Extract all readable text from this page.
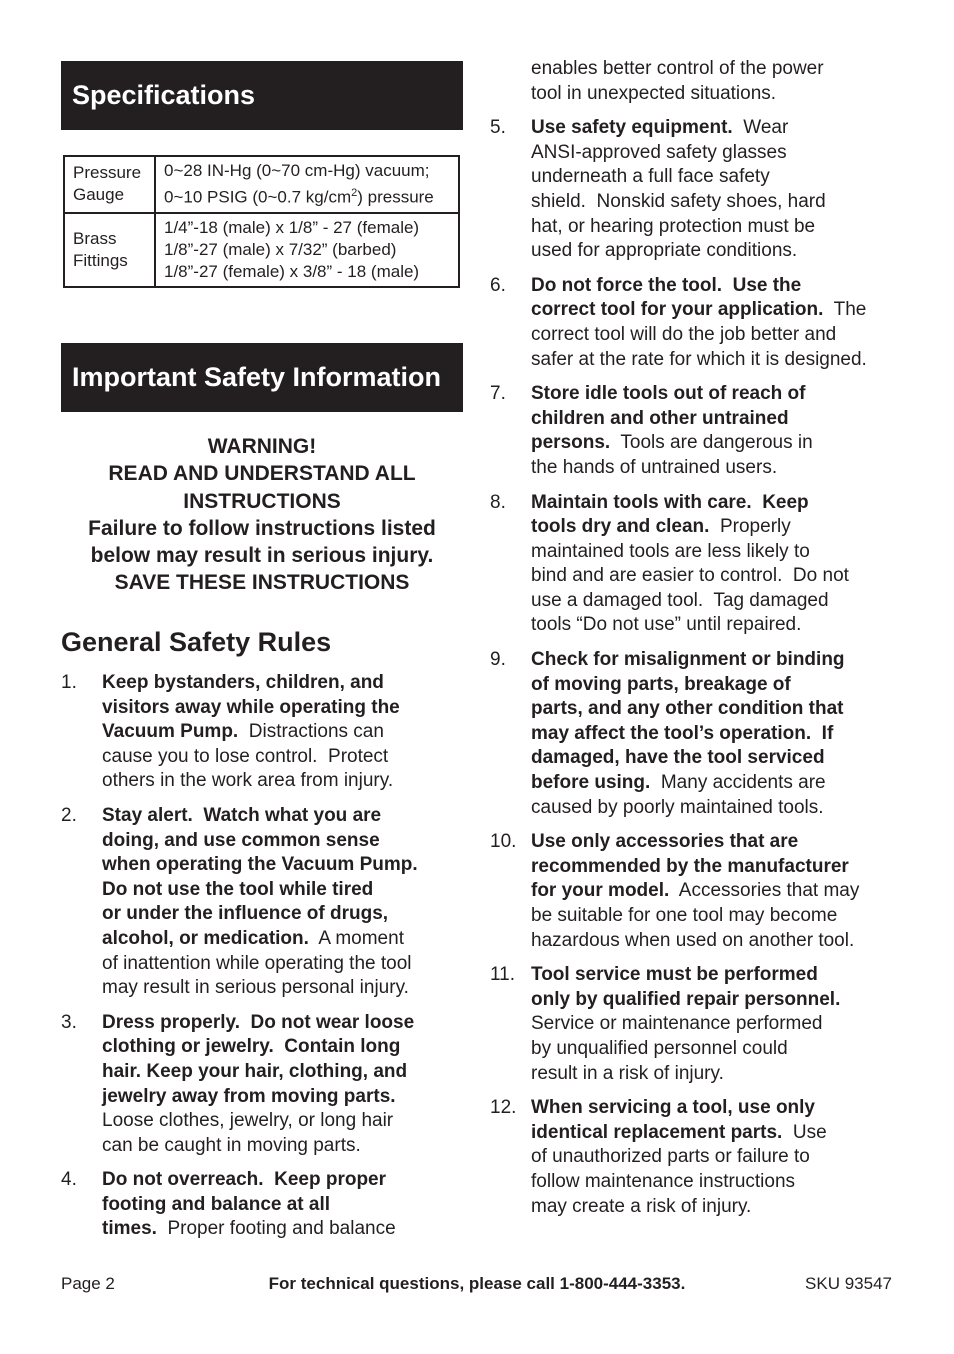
Specifications
Pressure
Gauge	0~28 IN-Hg (0~70 cm-Hg) vacuum;
0~10 PSIG (0~0.7 $kg/cm^2$) pressure

Brass
Fittings	1/4”-18 (male) x 1/8” - 27 (female)
1/8”-27 (male) x 7/32” (barbed)
1/8”-27 (female) x 3/8” - 18 (male)
Important Safety Information
WARNING!
READ AND UNDERSTAND ALL
INSTRUCTIONS
Failure to follow instructions listed
below may result in serious injury.
SAVE THESE INSTRUCTIONS
General Safety Rules
1. Keep bystanders, children, and
visitors away while operating the
Vacuum Pump.  Distractions can
cause you to lose control.  Protect
others in the work area from injury.
2. Stay alert.  Watch what you are
doing, and use common sense
when operating the Vacuum Pump.
Do not use the tool while tired
or under the influence of drugs,
alcohol, or medication.  A moment
of inattention while operating the tool
may result in serious personal injury.
3. Dress properly.  Do not wear loose
clothing or jewelry.  Contain long
hair. Keep your hair, clothing, and
jewelry away from moving parts.
Loose clothes, jewelry, or long hair
can be caught in moving parts.
4. Do not overreach.  Keep proper
footing and balance at all
times.  Proper footing and balance
enables better control of the power
tool in unexpected situations.
5. Use safety equipment.  Wear
ANSI-approved safety glasses
underneath a full face safety
shield.  Nonskid safety shoes, hard
hat, or hearing protection must be
used for appropriate conditions.
6. Do not force the tool.  Use the
correct tool for your application.  The
correct tool will do the job better and
safer at the rate for which it is designed.
7. Store idle tools out of reach of
children and other untrained
persons.  Tools are dangerous in
the hands of untrained users.
8. Maintain tools with care.  Keep
tools dry and clean.  Properly
maintained tools are less likely to
bind and are easier to control.  Do not
use a damaged tool.  Tag damaged
tools “Do not use” until repaired.
9. Check for misalignment or binding
of moving parts, breakage of
parts, and any other condition that
may affect the tool’s operation.  If
damaged, have the tool serviced
before using.  Many accidents are
caused by poorly maintained tools.
10. Use only accessories that are
recommended by the manufacturer
for your model.  Accessories that may
be suitable for one tool may become
hazardous when used on another tool.
11. Tool service must be performed
only by qualified repair personnel.
Service or maintenance performed
by unqualified personnel could
result in a risk of injury.
12. When servicing a tool, use only
identical replacement parts.  Use
of unauthorized parts or failure to
follow maintenance instructions
may create a risk of injury.
Page 2	For technical questions, please call 1-800-444-3353.	SKU 93547
